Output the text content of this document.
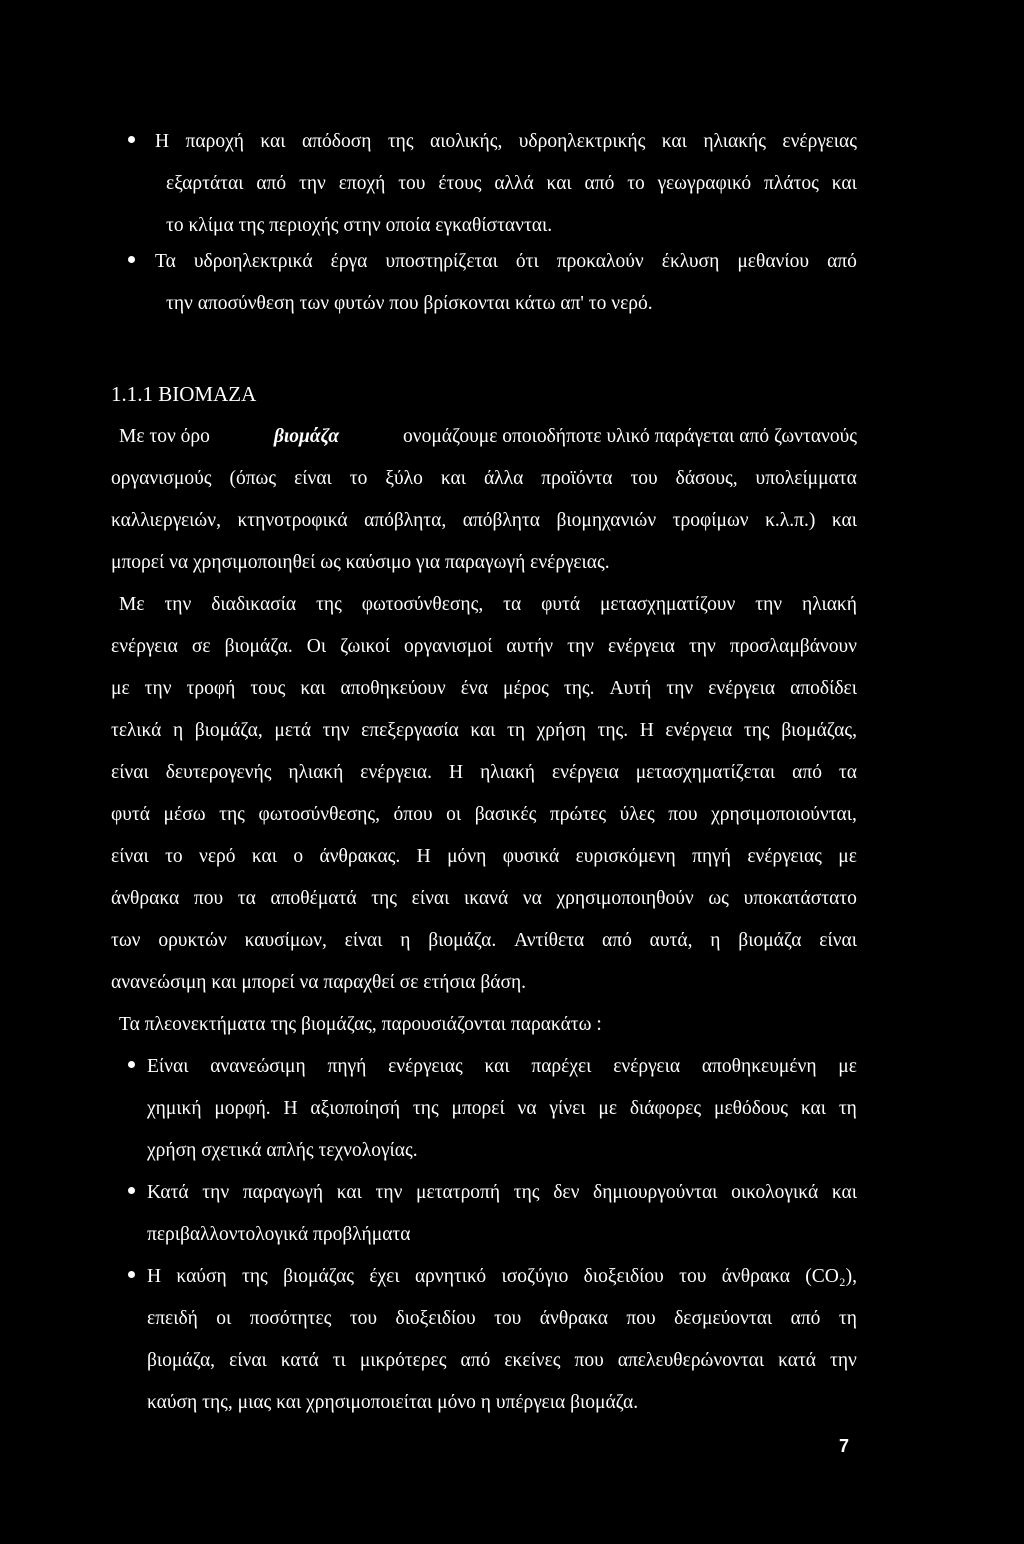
Η παροχή και απόδοση της αιολικής, υδροηλεκτρικής και ηλιακής ενέργειας
εξαρτάται από την εποχή του έτους αλλά και από το γεωγραφικό πλάτος και
το κλίμα της περιοχής στην οποία εγκαθίστανται.
Τα υδροηλεκτρικά έργα υποστηρίζεται ότι προκαλούν έκλυση μεθανίου από
την αποσύνθεση των φυτών που βρίσκονται κάτω απ' το νερό.
1.1.1 ΒΙΟΜΑΖΑ
Με τον όρο	βιομάζα	ονομάζουμε οποιοδήποτε υλικό παράγεται από ζωντανούς
οργανισμούς (όπως είναι το ξύλο και άλλα προϊόντα του δάσους, υπολείμματα
καλλιεργειών, κτηνοτροφικά απόβλητα, απόβλητα βιομηχανιών τροφίμων κ.λ.π.) και
μπορεί να χρησιμοποιηθεί ως καύσιμο για παραγωγή ενέργειας.
Με την διαδικασία της φωτοσύνθεσης, τα φυτά μετασχηματίζουν την ηλιακή
ενέργεια σε βιομάζα. Οι ζωικοί οργανισμοί αυτήν την ενέργεια την προσλαμβάνουν
με την τροφή τους και αποθηκεύουν ένα μέρος της. Αυτή την ενέργεια αποδίδει
τελικά η βιομάζα, μετά την επεξεργασία και τη χρήση της. Η ενέργεια της βιομάζας,
είναι δευτερογενής ηλιακή ενέργεια. Η ηλιακή ενέργεια μετασχηματίζεται από τα
φυτά μέσω της φωτοσύνθεσης, όπου οι βασικές πρώτες ύλες που χρησιμοποιούνται,
είναι το νερό και ο άνθρακας. Η μόνη φυσικά ευρισκόμενη πηγή ενέργειας με
άνθρακα που τα αποθέματά της είναι ικανά να χρησιμοποιηθούν ως υποκατάστατο
των ορυκτών καυσίμων, είναι η βιομάζα. Αντίθετα από αυτά, η βιομάζα είναι
ανανεώσιμη και μπορεί να παραχθεί σε ετήσια βάση.
Τα πλεονεκτήματα της βιομάζας, παρουσιάζονται παρακάτω :
Είναι ανανεώσιμη πηγή ενέργειας και παρέχει ενέργεια αποθηκευμένη με
χημική μορφή. Η αξιοποίησή της μπορεί να γίνει με διάφορες μεθόδους και τη
χρήση σχετικά απλής τεχνολογίας.
Κατά την παραγωγή και την μετατροπή της δεν δημιουργούνται οικολογικά και
περιβαλλοντολογικά προβλήματα
Η καύση της βιομάζας έχει αρνητικό ισοζύγιο διοξειδίου του άνθρακα (CO₂),
επειδή οι ποσότητες του διοξειδίου του άνθρακα που δεσμεύονται από τη
βιομάζα, είναι κατά τι μικρότερες από εκείνες που απελευθερώνονται κατά την
καύση της, μιας και χρησιμοποιείται μόνο η υπέργεια βιομάζα.
7
